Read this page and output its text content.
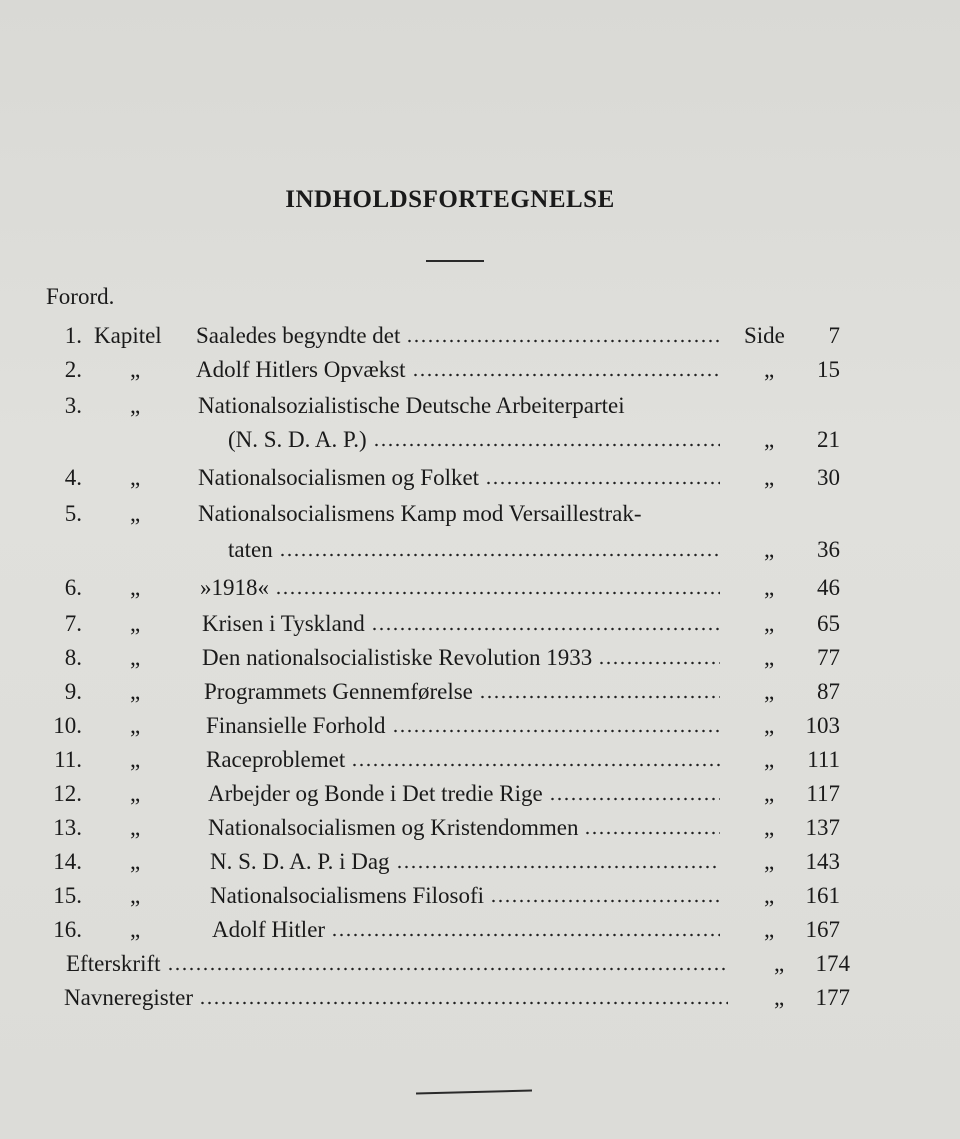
INDHOLDSFORTEGNELSE
Forord.
1. Kapitel Saaledes begyndte det	Side	7
2. „ Adolf Hitlers Opvækst	„	15
3. „	Nationalsozialistische Deutsche Arbeiterpartei
(N. S. D. A. P.)	„	21
4. „	Nationalsocialismen og Folket	„	30
5. „	Nationalsocialismens Kamp mod Versaillestrak-
taten	„	36
6. „	»1918«	„	46
7. „	Krisen i Tyskland	„	65
8. „	Den nationalsocialistiske Revolution 1933	„	77
9. „	Programmets Gennemførelse	„	87
10. „	Finansielle Forhold	„	103
11. „	Raceproblemet	„	111
12. „	Arbejder og Bonde i Det tredie Rige	„	117
13. „	Nationalsocialismen og Kristendommen	„	137
14. „	N. S. D. A. P. i Dag	„	143
15. „	Nationalsocialismens Filosofi	„	161
16. „	Adolf Hitler	„	167
Efterskrift	„	174
Navneregister	„	177
